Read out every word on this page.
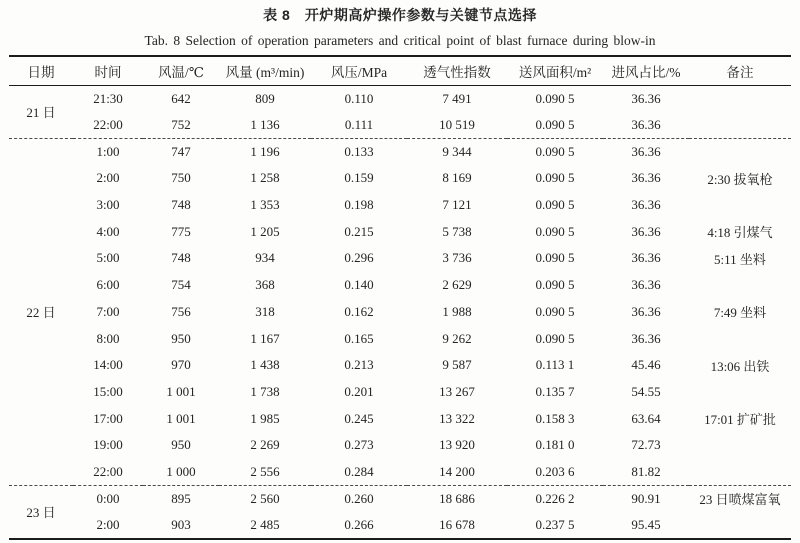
表 8　开炉期高炉操作参数与关键节点选择
Tab. 8 Selection of operation parameters and critical point of blast furnace during blow-in
日期	时间	风温/℃	风量 (m³/min)	风压/MPa	透气性指数	送风面积/m²	进风占比/%	备注
21 日	21:30	642	809	0.110	7 491	0.090 5	36.36	
	22:00	752	1 136	0.111	10 519	0.090 5	36.36	
22 日	1:00	747	1 196	0.133	9 344	0.090 5	36.36	
	2:00	750	1 258	0.159	8 169	0.090 5	36.36	2:30 拔氧枪
	3:00	748	1 353	0.198	7 121	0.090 5	36.36	
	4:00	775	1 205	0.215	5 738	0.090 5	36.36	4:18 引煤气
	5:00	748	934	0.296	3 736	0.090 5	36.36	5:11 坐料
	6:00	754	368	0.140	2 629	0.090 5	36.36	
	7:00	756	318	0.162	1 988	0.090 5	36.36	7:49 坐料
	8:00	950	1 167	0.165	9 262	0.090 5	36.36	
	14:00	970	1 438	0.213	9 587	0.113 1	45.46	13:06 出铁
	15:00	1 001	1 738	0.201	13 267	0.135 7	54.55	
	17:00	1 001	1 985	0.245	13 322	0.158 3	63.64	17:01 扩矿批
	19:00	950	2 269	0.273	13 920	0.181 0	72.73	
	22:00	1 000	2 556	0.284	14 200	0.203 6	81.82	
23 日	0:00	895	2 560	0.260	18 686	0.226 2	90.91	23 日喷煤富氧
	2:00	903	2 485	0.266	16 678	0.237 5	95.45	
